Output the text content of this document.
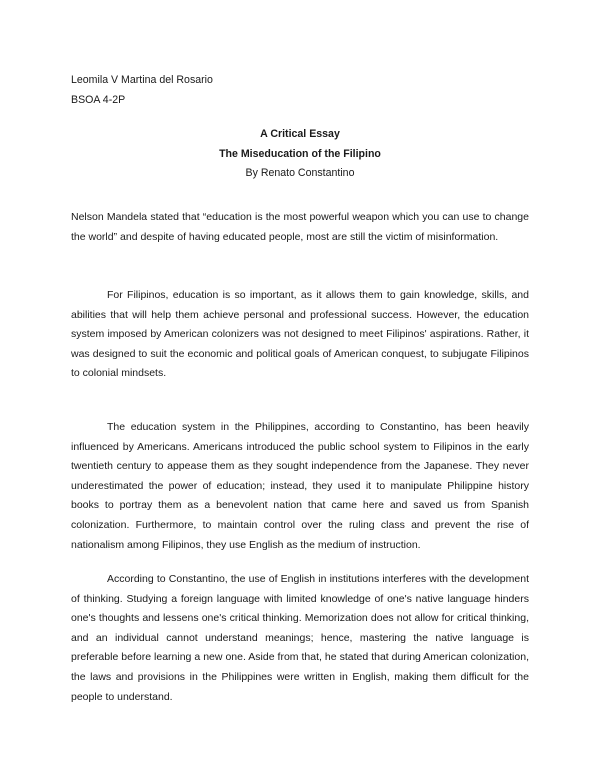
Leomila V Martina del Rosario
BSOA 4-2P
A Critical Essay
The Miseducation of the Filipino
By Renato Constantino

Nelson Mandela stated that “education is the most powerful weapon which you can use to change the world” and despite of having educated people, most are still the victim of misinformation.

For Filipinos, education is so important, as it allows them to gain knowledge, skills, and abilities that will help them achieve personal and professional success. However, the education system imposed by American colonizers was not designed to meet Filipinos' aspirations. Rather, it was designed to suit the economic and political goals of American conquest, to subjugate Filipinos to colonial mindsets.

The education system in the Philippines, according to Constantino, has been heavily influenced by Americans. Americans introduced the public school system to Filipinos in the early twentieth century to appease them as they sought independence from the Japanese. They never underestimated the power of education; instead, they used it to manipulate Philippine history books to portray them as a benevolent nation that came here and saved us from Spanish colonization. Furthermore, to maintain control over the ruling class and prevent the rise of nationalism among Filipinos, they use English as the medium of instruction.

According to Constantino, the use of English in institutions interferes with the development of thinking. Studying a foreign language with limited knowledge of one's native language hinders one's thoughts and lessens one's critical thinking. Memorization does not allow for critical thinking, and an individual cannot understand meanings; hence, mastering the native language is preferable before learning a new one. Aside from that, he stated that during American colonization, the laws and provisions in the Philippines were written in English, making them difficult for the people to understand.
